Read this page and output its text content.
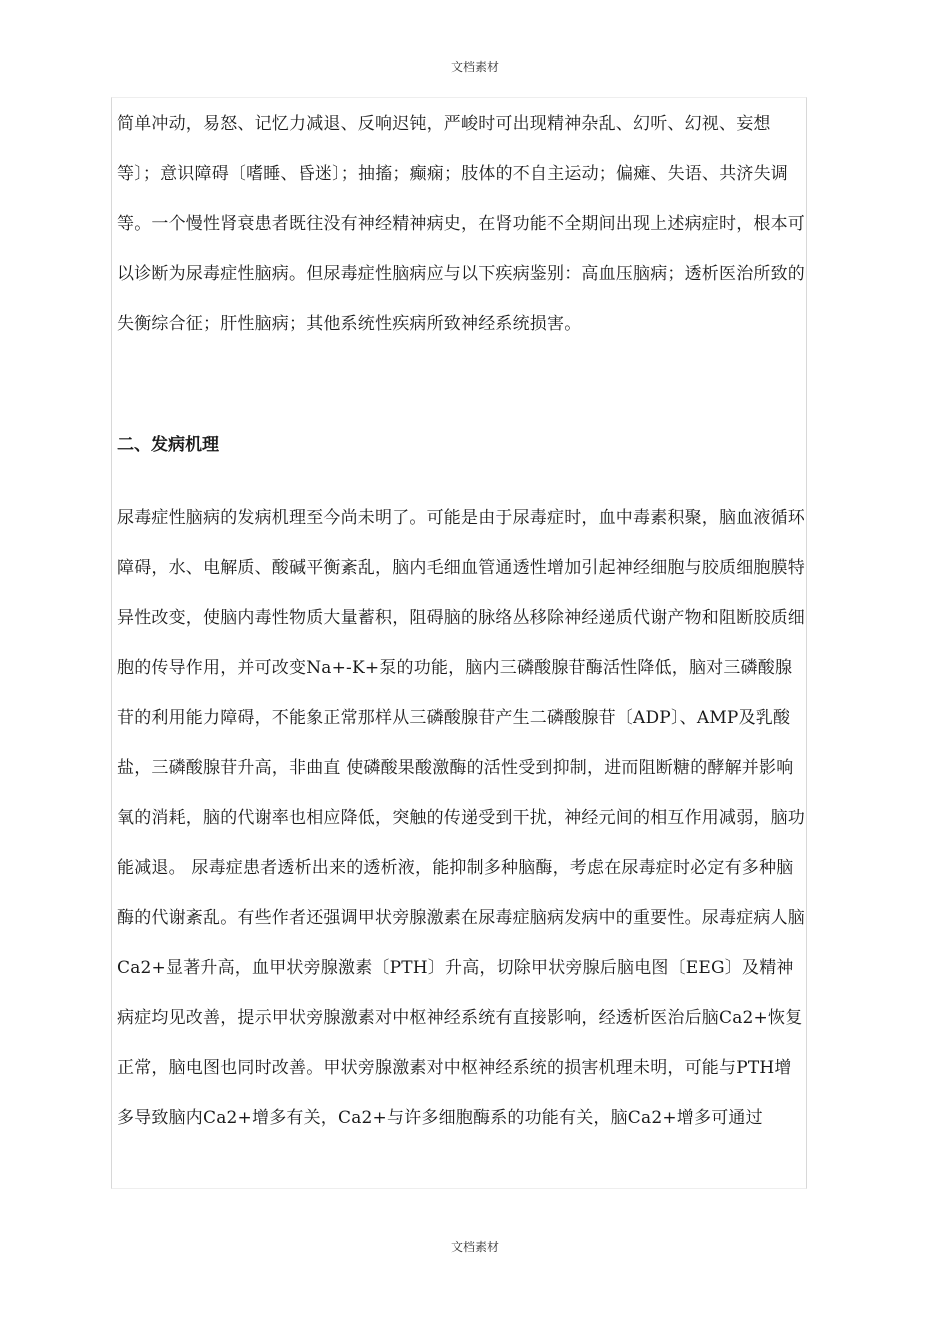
文档素材

简单冲动，易怒、记忆力减退、反响迟钝，严峻时可出现精神杂乱、幻听、幻视、妄想等〕；意识障碍〔嗜睡、昏迷〕；抽搐；癫痫；肢体的不自主运动；偏瘫、失语、共济失调等。一个慢性肾衰患者既往没有神经精神病史，在肾功能不全期间出现上述病症时，根本可以诊断为尿毒症性脑病。但尿毒症性脑病应与以下疾病鉴别：高血压脑病；透析医治所致的失衡综合征；肝性脑病；其他系统性疾病所致神经系统损害。

二、发病机理

尿毒症性脑病的发病机理至今尚未明了。可能是由于尿毒症时，血中毒素积聚，脑血液循环障碍，水、电解质、酸碱平衡紊乱，脑内毛细血管通透性增加引起神经细胞与胶质细胞膜特异性改变，使脑内毒性物质大量蓄积，阻碍脑的脉络丛移除神经递质代谢产物和阻断胶质细胞的传导作用，并可改变Na+-K+泵的功能，脑内三磷酸腺苷酶活性降低，脑对三磷酸腺苷的利用能力障碍，不能象正常那样从三磷酸腺苷产生二磷酸腺苷〔ADP〕、AMP及乳酸盐，三磷酸腺苷升高，非曲直 使磷酸果酸激酶的活性受到抑制，进而阻断糖的酵解并影响氧的消耗，脑的代谢率也相应降低，突触的传递受到干扰，神经元间的相互作用减弱，脑功能减退。 尿毒症患者透析出来的透析液，能抑制多种脑酶，考虑在尿毒症时必定有多种脑酶的代谢紊乱。有些作者还强调甲状旁腺激素在尿毒症脑病发病中的重要性。尿毒症病人脑Ca2+显著升高，血甲状旁腺激素〔PTH〕升高，切除甲状旁腺后脑电图〔EEG〕及精神病症均见改善，提示甲状旁腺激素对中枢神经系统有直接影响，经透析医治后脑Ca2+恢复正常，脑电图也同时改善。甲状旁腺激素对中枢神经系统的损害机理未明，可能与PTH增多导致脑内Ca2+增多有关，Ca2+与许多细胞酶系的功能有关，脑Ca2+增多可通过

文档素材
